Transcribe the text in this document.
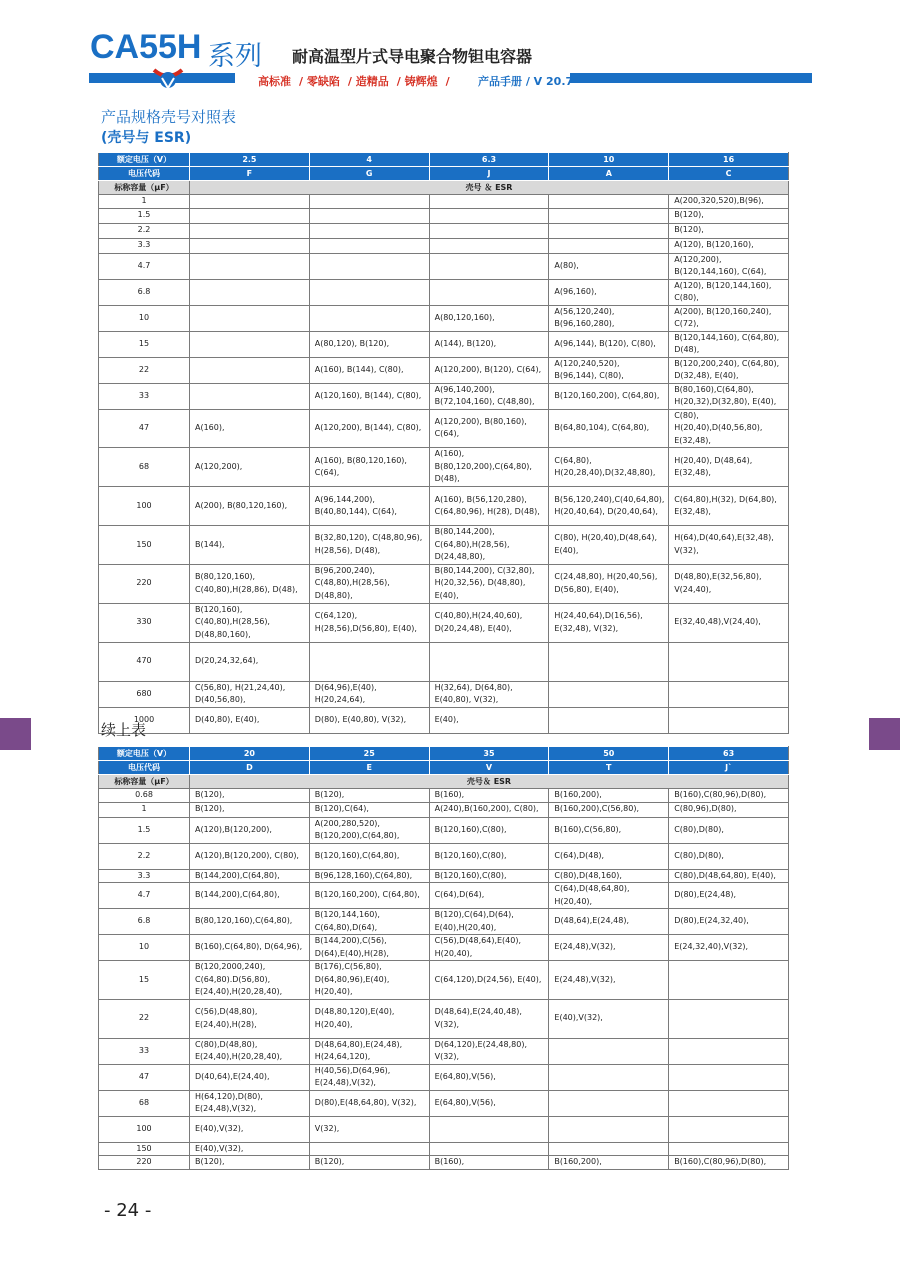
CA55H 系列 耐高温型片式导电聚合物钽电容器
高标准 / 零缺陷 / 造精品 / 铸辉煌 /	产品手册 / V 20.7
产品规格壳号对照表
(壳号与 ESR)
额定电压（V）	2.5	4	6.3	10	16
电压代码	F	G	J	A	C
标称容量（μF）	壳号 ＆ ESR				
1					A(200,320,520),B(96),
1.5					B(120),
2.2					B(120),
3.3					A(120), B(120,160),
4.7				A(80),	A(120,200), B(120,144,160), C(64),
6.8				A(96,160),	A(120), B(120,144,160), C(80),
10			A(80,120,160),	A(56,120,240), B(96,160,280),	A(200), B(120,160,240), C(72),
15		A(80,120), B(120),	A(144), B(120),	A(96,144), B(120), C(80),	B(120,144,160), C(64,80), D(48),
22		A(160), B(144), C(80),	A(120,200), B(120), C(64),	A(120,240,520), B(96,144), C(80),	B(120,200,240), C(64,80), D(32,48), E(40),
33		A(120,160), B(144), C(80),	A(96,140,200), B(72,104,160), C(48,80),	B(120,160,200), C(64,80),	B(80,160),C(64,80), H(20,32),D(32,80), E(40),
47	A(160),	A(120,200), B(144), C(80),	A(120,200), B(80,160), C(64),	B(64,80,104), C(64,80),	C(80), H(20,40),D(40,56,80), E(32,48),
68	A(120,200),	A(160), B(80,120,160), C(64),	A(160), B(80,120,200),C(64,80), D(48),	C(64,80), H(20,28,40),D(32,48,80),	H(20,40), D(48,64), E(32,48),
100	A(200), B(80,120,160),	A(96,144,200), B(40,80,144), C(64),	A(160), B(56,120,280), C(64,80,96), H(28), D(48),	B(56,120,240),C(40,64,80), H(20,40,64), D(20,40,64),	C(64,80),H(32), D(64,80), E(32,48),
150	B(144),	B(32,80,120), C(48,80,96), H(28,56), D(48),	B(80,144,200), C(64,80),H(28,56), D(24,48,80),	C(80), H(20,40),D(48,64), E(40),	H(64),D(40,64),E(32,48), V(32),
220	B(80,120,160), C(40,80),H(28,86), D(48),	B(96,200,240), C(48,80),H(28,56), D(48,80),	B(80,144,200), C(32,80), H(20,32,56), D(48,80), E(40),	C(24,48,80), H(20,40,56), D(56,80), E(40),	D(48,80),E(32,56,80), V(24,40),
330	B(120,160), C(40,80),H(28,56), D(48,80,160),	C(64,120), H(28,56),D(56,80), E(40),	C(40,80),H(24,40,60), D(20,24,48), E(40),	H(24,40,64),D(16,56), E(32,48), V(32),	E(32,40,48),V(24,40),
470	D(20,24,32,64),				
680	C(56,80), H(21,24,40), D(40,56,80),	D(64,96),E(40), H(20,24,64),	H(32,64), D(64,80), E(40,80), V(32),		
1000	D(40,80), E(40),	D(80), E(40,80), V(32),	E(40),		
续上表
额定电压（V）	20	25	35	50	63
电压代码	D	E	V	T	J`
标称容量（μF）	壳号＆ ESR				
0.68	B(120),	B(120),	B(160),	B(160,200),	B(160),C(80,96),D(80),
1	B(120),	B(120),C(64),	A(240),B(160,200), C(80),	B(160,200),C(56,80),	C(80,96),D(80),
1.5	A(120),B(120,200),	A(200,280,520), B(120,200),C(64,80),	B(120,160),C(80),	B(160),C(56,80),	C(80),D(80),
2.2	A(120),B(120,200), C(80),	B(120,160),C(64,80),	B(120,160),C(80),	C(64),D(48),	C(80),D(80),
3.3	B(144,200),C(64,80),	B(96,128,160),C(64,80),	B(120,160),C(80),	C(80),D(48,160),	C(80),D(48,64,80), E(40),
4.7	B(144,200),C(64,80),	B(120,160,200), C(64,80),	C(64),D(64),	C(64),D(48,64,80), H(20,40),	D(80),E(24,48),
6.8	B(80,120,160),C(64,80),	B(120,144,160), C(64,80),D(64),	B(120),C(64),D(64), E(40),H(20,40),	D(48,64),E(24,48),	D(80),E(24,32,40),
10	B(160),C(64,80), D(64,96),	B(144,200),C(56), D(64),E(40),H(28),	C(56),D(48,64),E(40), H(20,40),	E(24,48),V(32),	E(24,32,40),V(32),
15	B(120,2000,240), C(64,80).D(56,80), E(24,40),H(20,28,40),	B(176),C(56,80), D(64,80,96),E(40), H(20,40),	C(64,120),D(24,56), E(40),	E(24,48),V(32),	
22	C(56),D(48,80), E(24,40),H(28),	D(48,80,120),E(40), H(20,40),	D(48,64),E(24,40,48), V(32),	E(40),V(32),	
33	C(80),D(48,80), E(24,40),H(20,28,40),	D(48,64,80),E(24,48), H(24,64,120),	D(64,120),E(24,48,80), V(32),		
47	D(40,64),E(24,40),	H(40,56),D(64,96), E(24,48),V(32),	E(64,80),V(56),		
68	H(64,120),D(80), E(24,48),V(32),	D(80),E(48,64,80), V(32),	E(64,80),V(56),		
100	E(40),V(32),	V(32),			
150	E(40),V(32),				
220	B(120),	B(120),	B(160),	B(160,200),	B(160),C(80,96),D(80),
- 24 -
